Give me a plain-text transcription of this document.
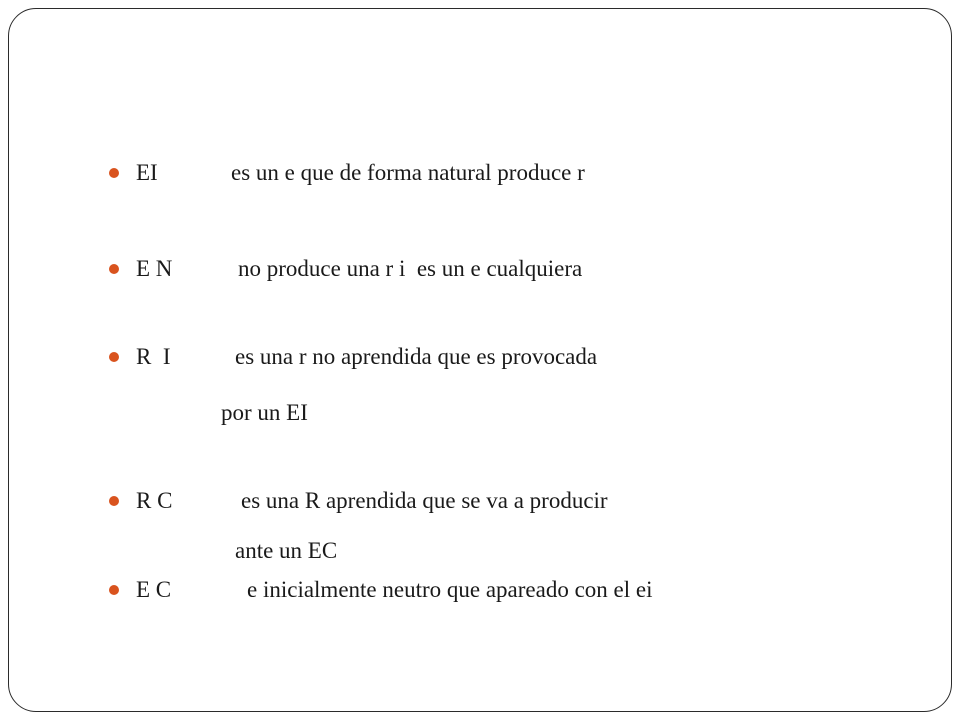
EI	es un e que de forma natural produce r
E N	no produce una r i  es un e cualquiera
R  I	es una r no aprendida que es provocada
por un EI
R C	es una R aprendida que se va a producir
ante un EC
E C	e inicialmente neutro que apareado con el ei
